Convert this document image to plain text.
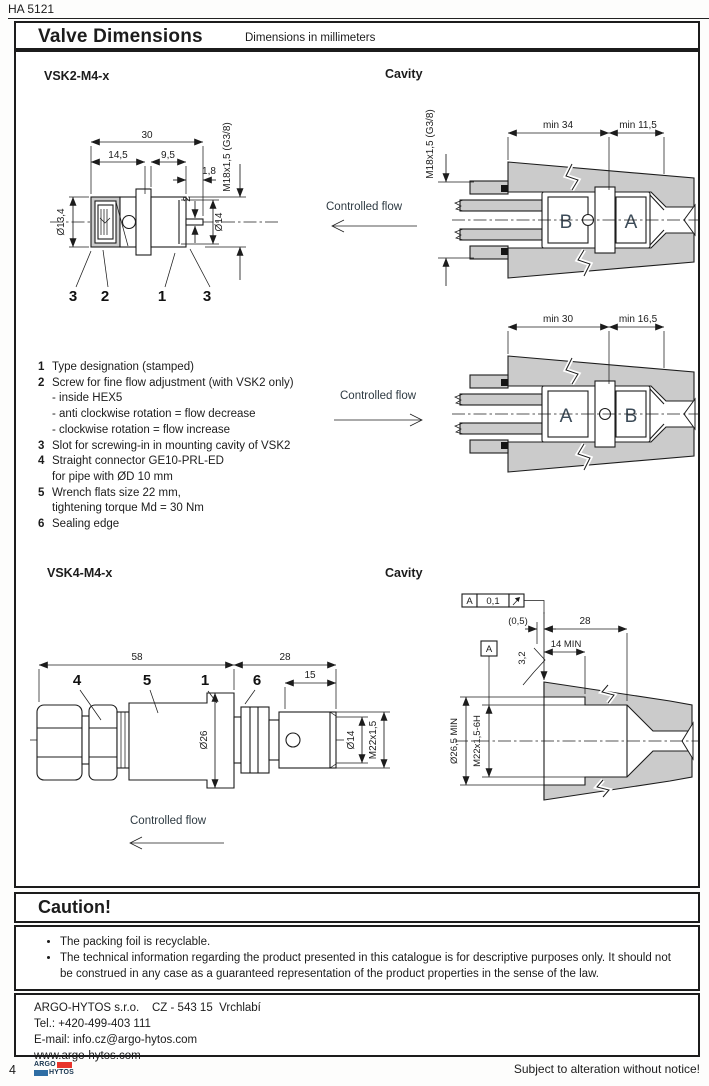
HA 5121
Valve Dimensions	Dimensions in millimeters
VSK2-M4-x	Cavity
30
14,5	9,5
1,8
2
Ø14
Ø13,4
M18x1,5 (G3/8)
3 2	1 3
Controlled flow
B	A
M18x1,5 (G3/8)	min 34	min 11,5
Controlled flow
A	B
min 30	min 16,5
1 Type designation (stamped)
2 Screw for fine flow adjustment (with VSK2 only)
- inside HEX5
- anti clockwise rotation = flow decrease
- clockwise rotation = flow increase
3 Slot for screwing-in in mounting cavity of VSK2
4 Straight connector GE10-PRL-ED
for pipe with ØD 10 mm
5 Wrench flats size 22 mm,
tightening torque Md = 30 Nm
6 Sealing edge
VSK4-M4-x	Cavity
58	28
15
Ø26	Ø14 M22x1,5
4	5	1	6
Controlled flow
A 0,1
(0,5)	28
14 MIN
3,2
A
Ø26,5 MIN M22x1,5-6H
Caution!
• The packing foil is recyclable.
• The technical information regarding the product presented in this catalogue is for descriptive purposes only. It should not be construed in any case as a guaranteed representation of the product properties in the sense of the law.
ARGO-HYTOS s.r.o.    CZ - 543 15  Vrchlabí
Tel.: +420-499-403 111
E-mail: info.cz@argo-hytos.com
www.argo-hytos.com
4	ARGO
HYTOS	Subject to alteration without notice!
